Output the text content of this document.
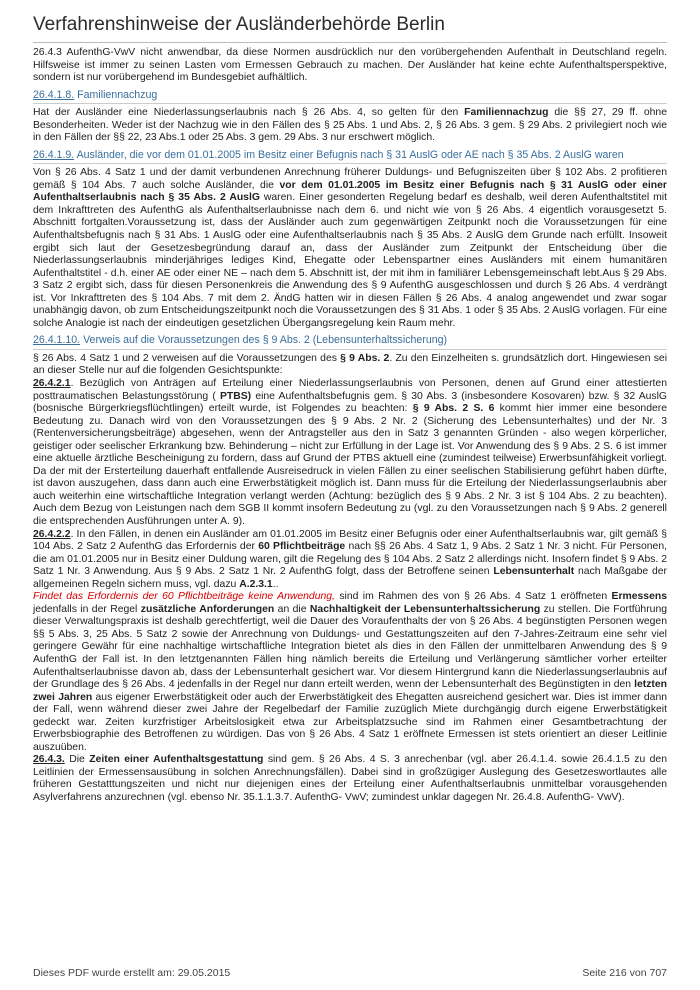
Verfahrenshinweise der Ausländerbehörde Berlin

26.4.3 AufenthG-VwV nicht anwendbar, da diese Normen ausdrücklich nur den vorübergehenden Aufenthalt in Deutschland regeln. Hilfsweise ist immer zu seinen Lasten vom Ermessen Gebrauch zu machen. Der Ausländer hat keine echte Aufenthaltsperspektive, sondern ist nur vorübergehend im Bundesgebiet aufhältlich.

26.4.1.8. Familiennachzug

Hat der Ausländer eine Niederlassungserlaubnis nach § 26 Abs. 4, so gelten für den Familiennachzug die §§ 27, 29 ff. ohne Besonderheiten. Weder ist der Nachzug wie in den Fällen des § 25 Abs. 1 und Abs. 2, § 26 Abs. 3 gem. § 29 Abs. 2 privilegiert noch wie in den Fällen der §§ 22, 23 Abs.1 oder 25 Abs. 3 gem. 29 Abs. 3 nur erschwert möglich.

26.4.1.9. Ausländer, die vor dem 01.01.2005 im Besitz einer Befugnis nach § 31 AuslG oder AE nach § 35 Abs. 2 AuslG waren

Von § 26 Abs. 4 Satz 1 und der damit verbundenen Anrechnung früherer Duldungs- und Befugniszeiten über § 102 Abs. 2 profitieren gemäß § 104 Abs. 7 auch solche Ausländer, die vor dem 01.01.2005 im Besitz einer Befugnis nach § 31 AuslG oder einer Aufenthaltserlaubnis nach § 35 Abs. 2 AuslG waren. Einer gesonderten Regelung bedarf es deshalb, weil deren Aufenthaltstitel mit dem Inkrafttreten des AufenthG als Aufenthaltserlaubnisse nach dem 6. und nicht wie von § 26 Abs. 4 eigentlich vorausgesetzt 5. Abschnitt fortgalten.Voraussetzung ist, dass der Ausländer auch zum gegenwärtigen Zeitpunkt noch die Voraussetzungen für eine Aufenthaltsbefugnis nach § 31 Abs. 1 AuslG oder eine Aufenthaltserlaubnis nach § 35 Abs. 2 AuslG dem Grunde nach erfüllt. Insoweit ergibt sich laut der Gesetzesbegründung darauf an, dass der Ausländer zum Zeitpunkt der Entscheidung über die Niederlassungserlaubnis minderjähriges lediges Kind, Ehegatte oder Lebenspartner eines Ausländers mit einem humanitären Aufenthaltstitel - d.h. einer AE oder einer NE – nach dem 5. Abschnitt ist, der mit ihm in familiärer Lebensgemeinschaft lebt.Aus § 29 Abs. 3 Satz 2 ergibt sich, dass für diesen Personenkreis die Anwendung des § 9 AufenthG ausgeschlossen und durch § 26 Abs. 4 verdrängt ist. Vor Inkrafttreten des § 104 Abs. 7 mit dem 2. ÄndG hatten wir in diesen Fällen § 26 Abs. 4 analog angewendet und zwar sogar unabhängig davon, ob zum Entscheidungszeitpunkt noch die Voraussetzungen des § 31 Abs. 1 oder § 35 Abs. 2 AuslG vorlagen. Für eine solche Analogie ist nach der eindeutigen gesetzlichen Übergangsregelung kein Raum mehr.

26.4.1.10. Verweis auf die Voraussetzungen des § 9 Abs. 2 (Lebensunterhaltssicherung)

§ 26 Abs. 4 Satz 1 und 2 verweisen auf die Voraussetzungen des § 9 Abs. 2. Zu den Einzelheiten s. grundsätzlich dort. Hingewiesen sei an dieser Stelle nur auf die folgenden Gesichtspunkte:

26.4.2.1. Bezüglich von Anträgen auf Erteilung einer Niederlassungserlaubnis von Personen, denen auf Grund einer attestierten posttraumatischen Belastungsstörung ( PTBS) eine Aufenthaltsbefugnis gem. § 30 Abs. 3 (insbesondere Kosovaren) bzw. § 32 AuslG (bosnische Bürgerkriegsflüchtlingen) erteilt wurde, ist Folgendes zu beachten: § 9 Abs. 2 S. 6 kommt hier immer eine besondere Bedeutung zu. Danach wird von den Voraussetzungen des § 9 Abs. 2 Nr. 2 (Sicherung des Lebensunterhaltes) und der Nr. 3 (Rentenversicherungsbeiträge) abgesehen, wenn der Antragsteller aus den in Satz 3 genannten Gründen - also wegen körperlicher, geistiger oder seelischer Erkrankung bzw. Behinderung – nicht zur Erfüllung in der Lage ist. Vor Anwendung des § 9 Abs. 2 S. 6 ist immer eine aktuelle ärztliche Bescheinigung zu fordern, dass auf Grund der PTBS aktuell eine (zumindest teilweise) Erwerbsunfähigkeit vorliegt. Da der mit der Ersterteilung dauerhaft entfallende Ausreisedruck in vielen Fällen zu einer seelischen Stabilisierung geführt haben dürfte, ist davon auszugehen, dass dann auch eine Erwerbstätigkeit möglich ist. Dann muss für die Erteilung der Niederlassungserlaubnis aber auch weiterhin eine wirtschaftliche Integration verlangt werden (Achtung: bezüglich des § 9 Abs. 2 Nr. 3 ist § 104 Abs. 2 zu beachten). Auch dem Bezug von Leistungen nach dem SGB II kommt insofern Bedeutung zu (vgl. zu den Voraussetzungen nach § 9 Abs. 2 generell die entsprechenden Ausführungen unter A. 9).

26.4.2.2. In den Fällen, in denen ein Ausländer am 01.01.2005 im Besitz einer Befugnis oder einer Aufenthaltserlaubnis war, gilt gemäß § 104 Abs. 2 Satz 2 AufenthG das Erfordernis der 60 Pflichtbeiträge nach §§ 26 Abs. 4 Satz 1, 9 Abs. 2 Satz 1 Nr. 3 nicht. Für Personen, die am 01.01.2005 nur in Besitz einer Duldung waren, gilt die Regelung des § 104 Abs. 2 Satz 2 allerdings nicht. Insofern findet § 9 Abs. 2 Satz 1 Nr. 3 Anwendung. Aus § 9 Abs. 2 Satz 1 Nr. 2 AufenthG folgt, dass der Betroffene seinen Lebensunterhalt nach Maßgabe der allgemeinen Regeln sichern muss, vgl. dazu A.2.3.1..
Findet das Erfordernis der 60 Pflichtbeiträge keine Anwendung, sind im Rahmen des von § 26 Abs. 4 Satz 1 eröffneten Ermessens jedenfalls in der Regel zusätzliche Anforderungen an die Nachhaltigkeit der Lebensunterhaltssicherung zu stellen. Die Fortführung dieser Verwaltungspraxis ist deshalb gerechtfertigt, weil die Dauer des Voraufenthalts der von § 26 Abs. 4 begünstigten Personen wegen §§ 5 Abs. 3, 25 Abs. 5 Satz 2 sowie der Anrechnung von Duldungs- und Gestattungszeiten auf den 7-Jahres-Zeitraum eine sehr viel geringere Gewähr für eine nachhaltige wirtschaftliche Integration bietet als dies in den Fällen der unmittelbaren Anwendung des § 9 AufenthG der Fall ist. In den letztgenannten Fällen hing nämlich bereits die Erteilung und Verlängerung sämtlicher vorher erteilter Aufenthaltserlaubnisse davon ab, dass der Lebensunterhalt gesichert war. Vor diesem Hintergrund kann die Niederlassungserlaubnis auf der Grundlage des § 26 Abs. 4 jedenfalls in der Regel nur dann erteilt werden, wenn der Lebensunterhalt des Begünstigten in den letzten zwei Jahren aus eigener Erwerbstätigkeit oder auch der Erwerbstätigkeit des Ehegatten ausreichend gesichert war. Dies ist immer dann der Fall, wenn während dieser zwei Jahre der Regelbedarf der Familie zuzüglich Miete durchgängig durch eigene Erwerbstätigkeit gedeckt war. Zeiten kurzfristiger Arbeitslosigkeit etwa zur Arbeitsplatzsuche sind im Rahmen einer Gesamtbetrachtung der Erwerbsbiographie des Betroffenen zu würdigen. Das von § 26 Abs. 4 Satz 1 eröffnete Ermessen ist stets orientiert an dieser Leitlinie auszuüben.

26.4.3. Die Zeiten einer Aufenthaltsgestattung sind gem. § 26 Abs. 4 S. 3 anrechenbar (vgl. aber 26.4.1.4. sowie 26.4.1.5 zu den Leitlinien der Ermessensausübung in solchen Anrechnungsfällen). Dabei sind in großzügiger Auslegung des Gesetzeswortlautes alle früheren Gestatttungszeiten und nicht nur diejenigen eines der Erteilung einer Aufenthaltserlaubnis unmittelbar vorausgehenden Asylverfahrens anzurechnen (vgl. ebenso Nr. 35.1.1.3.7. AufenthG- VwV; zumindest unklar dagegen Nr. 26.4.8. AufenthG- VwV).

Dieses PDF wurde erstellt am: 29.05.2015	Seite 216 von 707
